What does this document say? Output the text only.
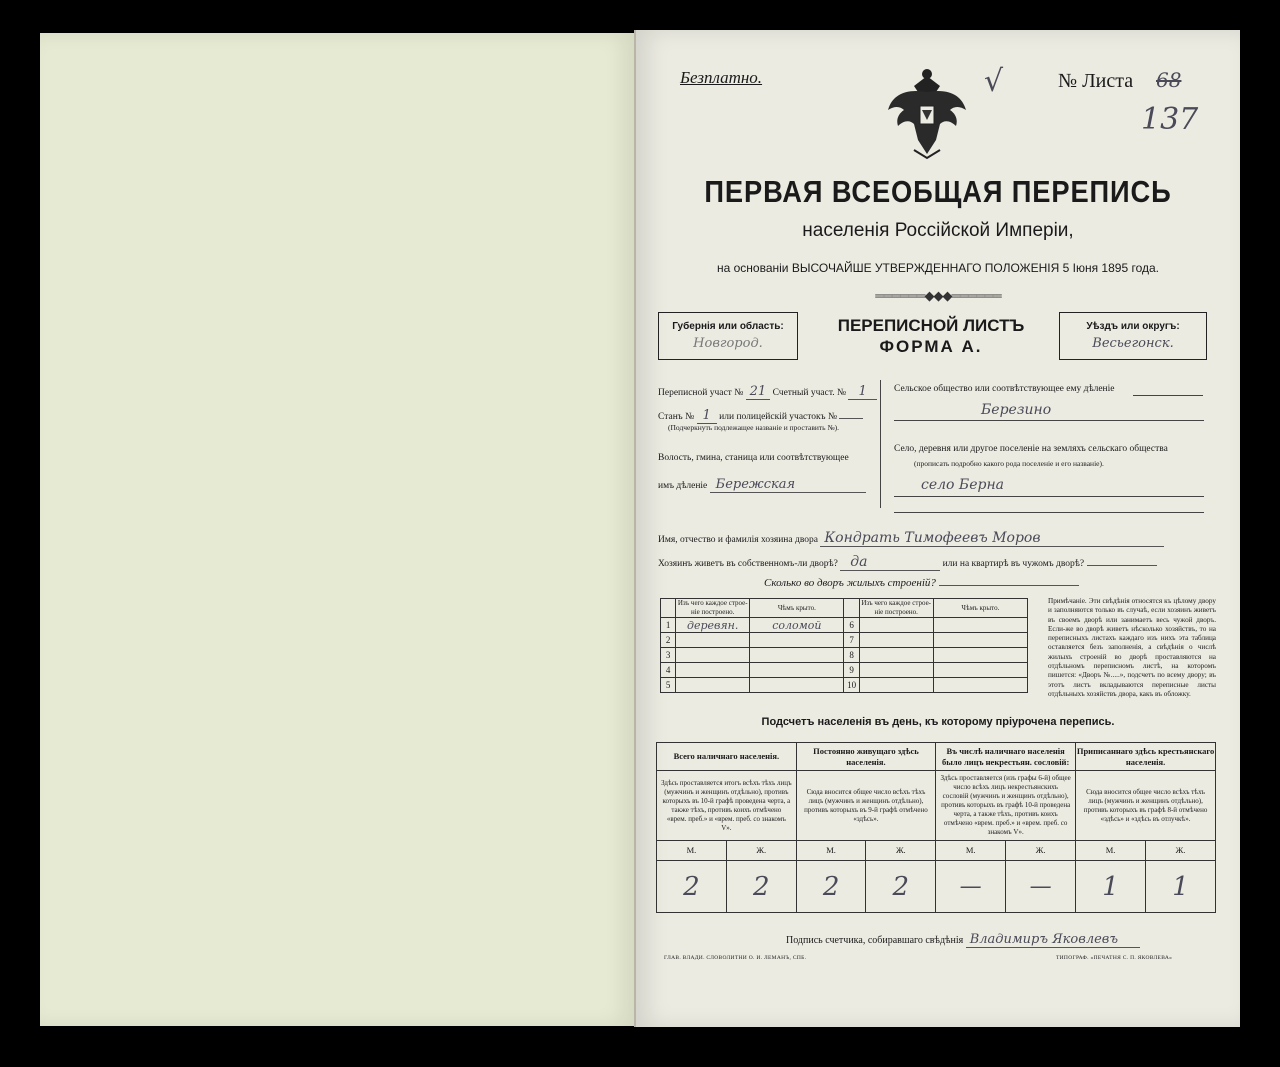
Безплатно.	√	№ Листа 68
137
ПЕРВАЯ ВСЕОБЩАЯ ПЕРЕПИСЬ
населенія Россійской Имперіи,
на основаніи ВЫСОЧАЙШЕ УТВЕРЖДЕННАГО ПОЛОЖЕНІЯ 5 Іюня 1895 года.
══════◆◆◆══════
Губернія или область:
Новгород.
ПЕРЕПИСНОЙ ЛИСТЪ
ФОРМА А.
Уѣздъ или округъ:
Весьегонск.
Переписной участ № 21 Счетный участ. № 1
Станъ № 1 или полицейскій участокъ №
(Подчеркнуть подлежащее названіе и проставить №).
Волость, гмина, станица или соотвѣтствующее
имъ дѣленіе Бережская
Сельское общество или соотвѣтствующее ему дѣленіе
Березино
Село, деревня или другое поселеніе на земляхъ сельскаго общества
(прописать подробно какого рода поселеніе и его названіе).
село Берна
Имя, отчество и фамилія хозяина двора Кондрать Тимофеевъ Моров
Хозяинъ живетъ въ собственномъ-ли дворѣ? да	или на квартирѣ въ чужомъ дворѣ?
Сколько во дворъ жилыхъ строеній?
	Изъ чего каждое строе-ніе построено.	Чѣмъ крыто.		Изъ чего каждое строе-ніе построено.	Чѣмъ крыто.
1	деревян.	соломой	6		
2			7		
3			8		
4			9		
5			10		
Примѣчаніе. Эти свѣдѣнія относятся къ цѣлому двору и заполняются только въ случаѣ, если хозяинъ живетъ въ своемъ дворѣ или занимаетъ весь чужой дворъ. Если-же во дворѣ живетъ нѣсколько хозяйствъ, то на переписныхъ листахъ каждаго изъ нихъ эта таблица оставляется безъ заполненія, а свѣдѣнія о числѣ жилыхъ строеній во дворѣ проставляются на отдѣльномъ переписномъ листѣ, на которомъ пишется: «Дворъ №.....», подсчетъ по всему двору; въ этотъ листъ вкладываются переписные листы отдѣльныхъ хозяйствъ двора, какъ въ обложку.
Подсчетъ населенія въ день, къ которому пріурочена перепись.
Всего наличнаго населенія.		Постоянно живущаго здѣсь населенія.		Въ числѣ наличнаго населенія было лицъ некрестьян. сословій:		Приписаннаго здѣсь крестьянскаго населенія.	
Здѣсь проставляется итогъ всѣхъ тѣхъ лицъ (мужчинъ и женщинъ отдѣльно), противъ которыхъ въ 10-й графѣ проведена черта, а также тѣхъ, противъ коихъ отмѣчено «врем. преб.» и «врем. преб. со знакомъ V».		Сюда вносится общее число всѣхъ тѣхъ лицъ (мужчинъ и женщинъ отдѣльно), противъ которыхъ въ 9-й графѣ отмѣчено «здѣсь».		Здѣсь проставляется (изъ графы 6-й) общее число всѣхъ лицъ некрестьянскихъ сословій (мужчинъ и женщинъ отдѣльно), противъ которыхъ въ графѣ 10-й проведена черта, а также тѣхъ, противъ коихъ отмѣчено «врем. преб.» и «врем. преб. со знакомъ V».		Сюда вносится общее число всѣхъ тѣхъ лицъ (мужчинъ и женщинъ отдѣльно), противъ которыхъ въ графѣ 8-й отмѣчено «здѣсь» и «здѣсь въ отлучкѣ».	
М.	Ж.	М.	Ж.	М.	Ж.	М.	Ж.
2	2	2	2	—	—	1	1
Подпись счетчика, собиравшаго свѣдѣнія Владимиръ Яковлевъ
ГЛАВ. ВЛАДИ. СЛОВОЛИТНИ О. И. ЛЕМАНЪ, СПБ.	ТИПОГРАФ. «ПЕЧАТНЯ С. П. ЯКОВЛЕВА»
